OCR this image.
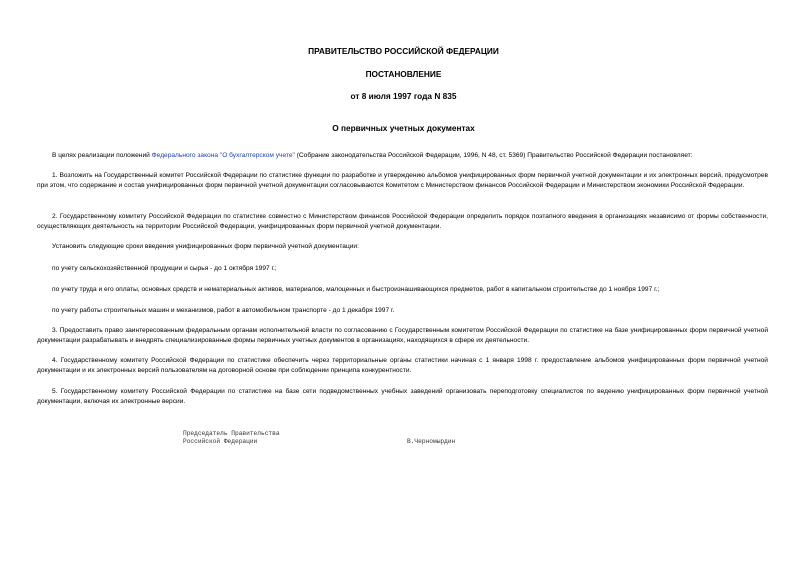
ПРАВИТЕЛЬСТВО РОССИЙСКОЙ ФЕДЕРАЦИИ
ПОСТАНОВЛЕНИЕ
от 8 июля 1997 года N 835
О первичных учетных документах
В целях реализации положений Федерального закона "О бухгалтерском учете" (Собрание законодательства Российской Федерации, 1996, N 48, ст. 5369) Правительство Российской Федерации постановляет:
1. Возложить на Государственный комитет Российской Федерации по статистике функции по разработке и утверждению альбомов унифицированных форм первичной учетной документации и их электронных версий, предусмотрев при этом, что содержание и состав унифицированных форм первичной учетной документации согласовываются Комитетом с Министерством финансов Российской Федерации и Министерством экономики Российской Федерации.
2. Государственному комитету Российской Федерации по статистике совместно с Министерством финансов Российской Федерации определить порядок поэтапного введения в организациях независимо от формы собственности, осуществляющих деятельность на территории Российской Федерации, унифицированных форм первичной учетной документации.
Установить следующие сроки введения унифицированных форм первичной учетной документации:
по учету сельскохозяйственной продукции и сырья - до 1 октября 1997 г.;
по учету труда и его оплаты, основных средств и нематериальных активов, материалов, малоценных и быстроизнашивающихся предметов, работ в капитальном строительстве до 1 ноября 1997 г.;
по учету работы строительных машин и механизмов, работ в автомобильном транспорте - до 1 декабря 1997 г.
3. Предоставить право заинтересованным федеральным органам исполнительной власти по согласованию с Государственным комитетом Российской Федерации по статистике на базе унифицированных форм первичной учетной документации разрабатывать и внедрять специализированные формы первичных учетных документов в организациях, находящихся в сфере их деятельности.
4. Государственному комитету Российской Федерации по статистике обеспечить через территориальные органы статистики начиная с 1 января 1998 г. предоставление альбомов унифицированных форм первичной учетной документации и их электронных версий пользователям на договорной основе при соблюдении принципа конкурентности.
5. Государственному комитету Российской Федерации по статистике на базе сети подведомственных учебных заведений организовать переподготовку специалистов по ведению унифицированных форм первичной учетной документации, включая их электронные версии.
Председатель Правительства
Российской Федерации	В.Черномырдин
